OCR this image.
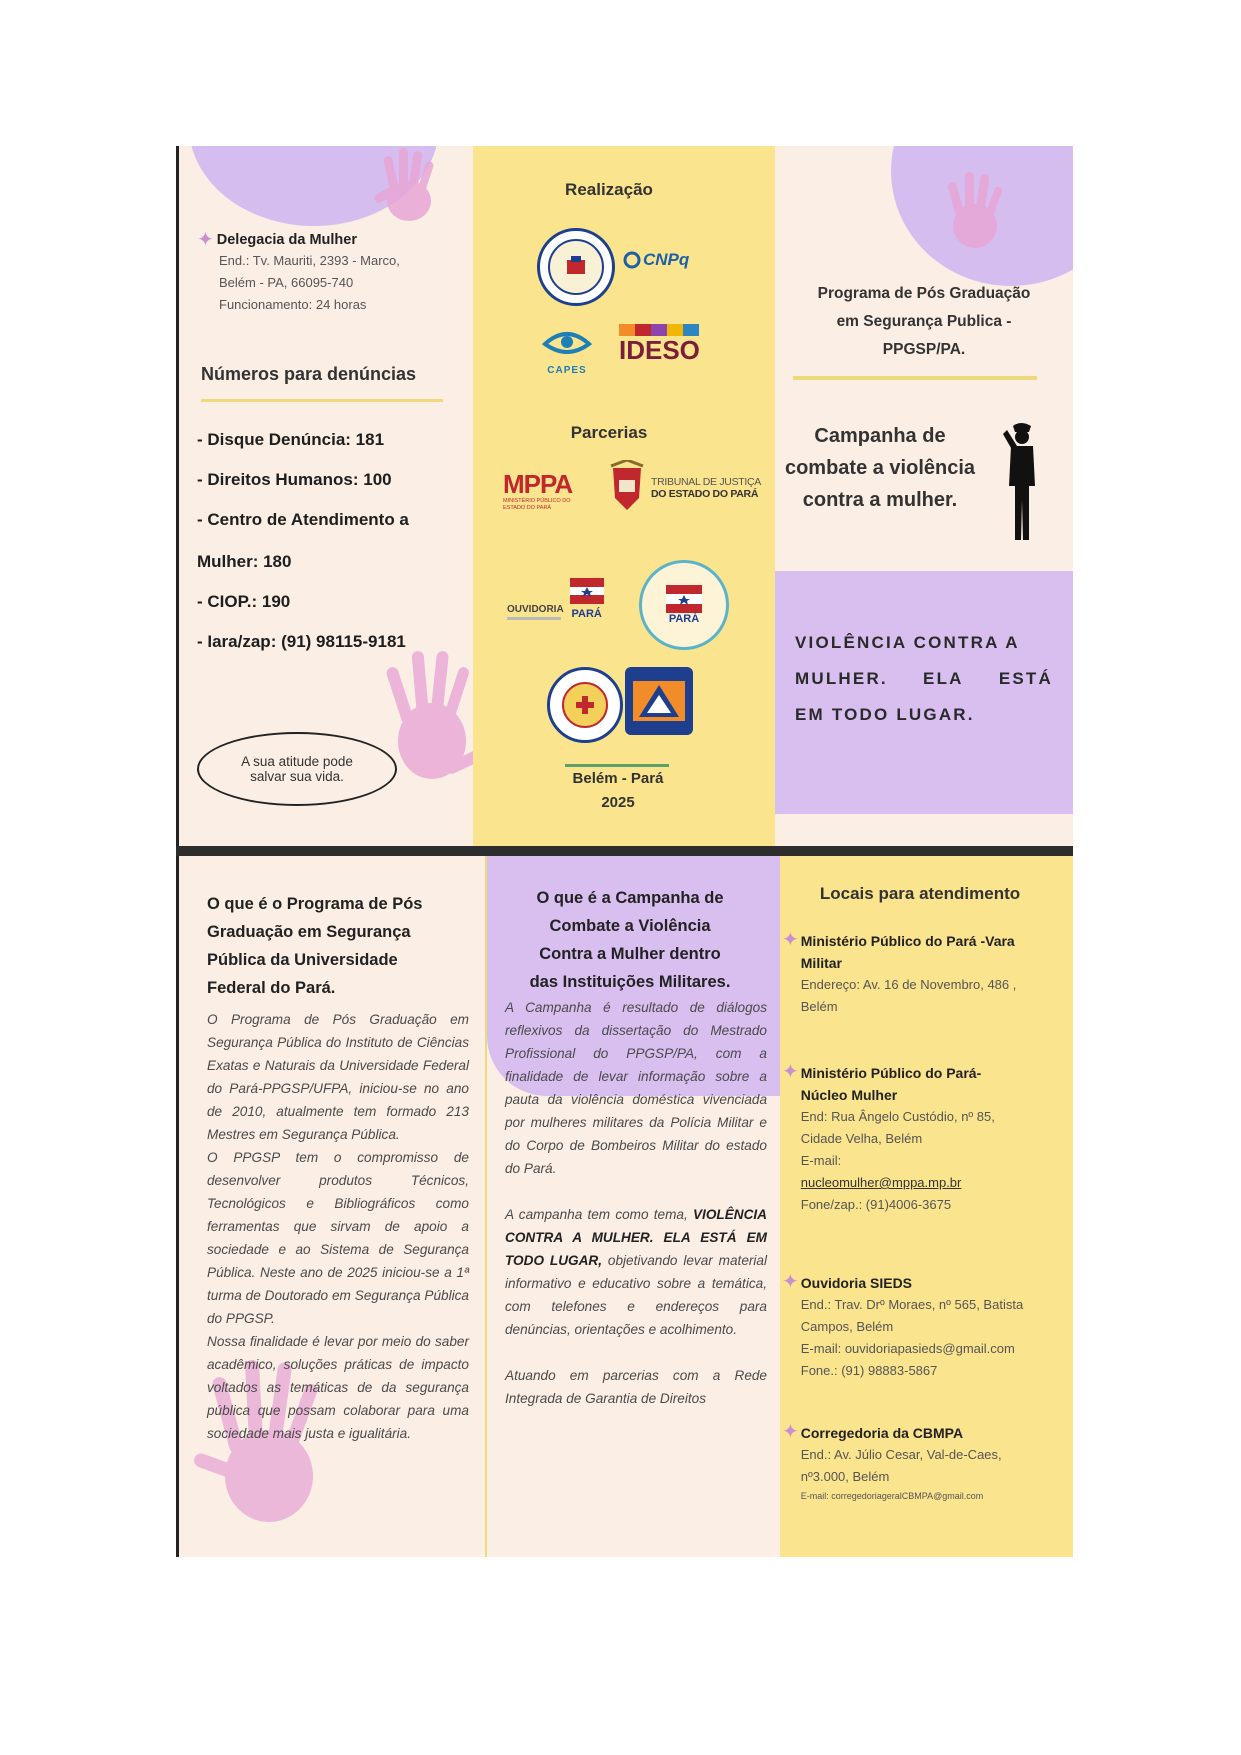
✦ Delegacia da Mulher
End.: Tv. Mauriti, 2393 - Marco,
Belém - PA, 66095-740
Funcionamento: 24 horas
Números para denúncias
- Disque Denúncia: 181
- Direitos Humanos: 100
- Centro de Atendimento a
Mulher: 180
- CIOP.: 190
- Iara/zap: (91) 98115-9181
A sua atitude pode
salvar sua vida.
Realização
CNPq
CAPES
IDESO
Parcerias
MPPA
MINISTÉRIO PÚBLICO DO ESTADO DO PARÁ
TRIBUNAL DE JUSTIÇA
DO ESTADO DO PARÁ
OUVIDORIA PARÁ	PARÁ
Belém - Pará
2025
Programa de Pós Graduação
em Segurança Publica -
PPGSP/PA.
Campanha de
combate a violência
contra a mulher.
VIOLÊNCIA CONTRA A
MULHER. ELA ESTÁ
EM TODO LUGAR.
O que é o Programa de Pós
Graduação em Segurança
Pública da Universidade
Federal do Pará.
O Programa de Pós Graduação em Segurança Pública do Instituto de Ciências Exatas e Naturais da Universidade Federal do Pará-PPGSP/UFPA, iniciou-se no ano de 2010, atualmente tem formado 213 Mestres em Segurança Pública.
O PPGSP tem o compromisso de desenvolver produtos Técnicos, Tecnológicos e Bibliográficos como ferramentas que sirvam de apoio a sociedade e ao Sistema de Segurança Pública. Neste ano de 2025 iniciou-se a 1ª turma de Doutorado em Segurança Pública do PPGSP.
Nossa finalidade é levar por meio do saber acadêmico, soluções práticas de impacto voltados as temáticas de da segurança pública que possam colaborar para uma sociedade mais justa e igualitária.
O que é a Campanha de
Combate a Violência
Contra a Mulher dentro
das Instituições Militares.
A Campanha é resultado de diálogos reflexivos da dissertação do Mestrado Profissional do PPGSP/PA, com a finalidade de levar informação sobre a pauta da violência doméstica vivenciada por mulheres militares da Polícia Militar e do Corpo de Bombeiros Militar do estado do Pará.
A campanha tem como tema, VIOLÊNCIA CONTRA A MULHER. ELA ESTÁ EM TODO LUGAR, objetivando levar material informativo e educativo sobre a temática, com telefones e endereços para denúncias, orientações e acolhimento.
Atuando em parcerias com a Rede Integrada de Garantia de Direitos
Locais para atendimento
✦ Ministério Público do Pará -Vara
Militar
Endereço: Av. 16 de Novembro, 486 ,
Belém
✦ Ministério Público do Pará-
Núcleo Mulher
End: Rua Ângelo Custódio, nº 85,
Cidade Velha, Belém
E-mail:
nucleomulher@mppa.mp.br
Fone/zap.: (91)4006-3675
✦ Ouvidoria SIEDS
End.: Trav. Drº Moraes, nº 565, Batista
Campos, Belém
E-mail: ouvidoriapasieds@gmail.com
Fone.: (91) 98883-5867
✦ Corregedoria da CBMPA
End.: Av. Júlio Cesar, Val-de-Caes,
nº3.000, Belém
E-mail: corregedoriageralCBMPA@gmail.com
